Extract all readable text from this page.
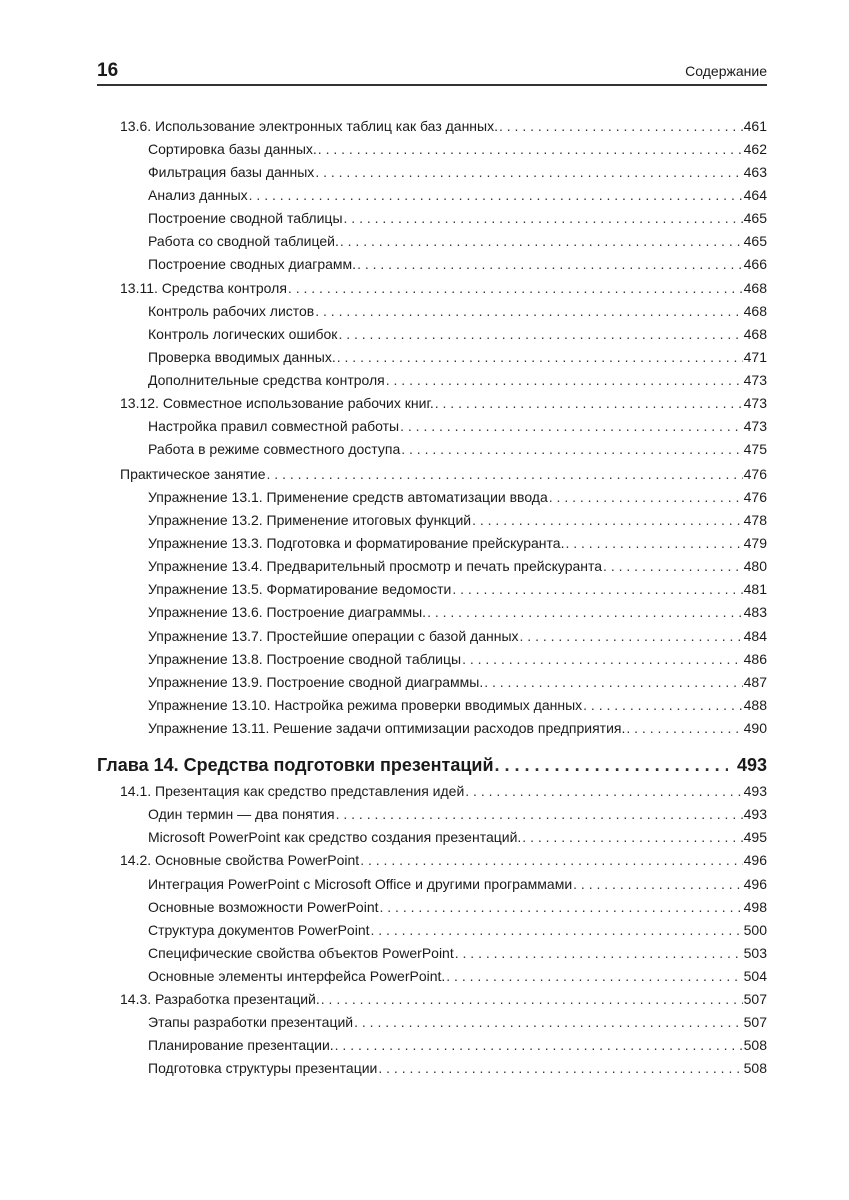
16	Содержание
13.6. Использование электронных таблиц как баз данных. . . .	461
Сортировка базы данных. . . .	462
Фильтрация базы данных . . .	463
Анализ данных . . .	464
Построение сводной таблицы . . .	465
Работа со сводной таблицей. . . .	465
Построение сводных диаграмм. . . .	466
13.11. Средства контроля . . .	468
Контроль рабочих листов . . .	468
Контроль логических ошибок . . .	468
Проверка вводимых данных. . . .	471
Дополнительные средства контроля . . .	473
13.12. Совместное использование рабочих книг. . . .	473
Настройка правил совместной работы . . .	473
Работа в режиме совместного доступа . . .	475
Практическое занятие . . .	476
Упражнение 13.1. Применение средств автоматизации ввода . . .	476
Упражнение 13.2. Применение итоговых функций . . .	478
Упражнение 13.3. Подготовка и форматирование прейскуранта. . . .	479
Упражнение 13.4. Предварительный просмотр и печать прейскуранта . . .	480
Упражнение 13.5. Форматирование ведомости . . .	481
Упражнение 13.6. Построение диаграммы. . . .	483
Упражнение 13.7. Простейшие операции с базой данных . . .	484
Упражнение 13.8. Построение сводной таблицы . . .	486
Упражнение 13.9. Построение сводной диаграммы. . . .	487
Упражнение 13.10. Настройка режима проверки вводимых данных . . .	488
Упражнение 13.11. Решение задачи оптимизации расходов предприятия. . . .	490
Глава 14. Средства подготовки презентаций . . .	493
14.1. Презентация как средство представления идей . . .	493
Один термин — два понятия . . .	493
Microsoft PowerPoint как средство создания презентаций. . . .	495
14.2. Основные свойства PowerPoint . . .	496
Интеграция PowerPoint с Microsoft Office и другими программами . . .	496
Основные возможности PowerPoint . . .	498
Структура документов PowerPoint . . .	500
Специфические свойства объектов PowerPoint . . .	503
Основные элементы интерфейса PowerPoint. . . .	504
14.3. Разработка презентаций. . . .	507
Этапы разработки презентаций . . .	507
Планирование презентации. . . .	508
Подготовка структуры презентации . . .	508
